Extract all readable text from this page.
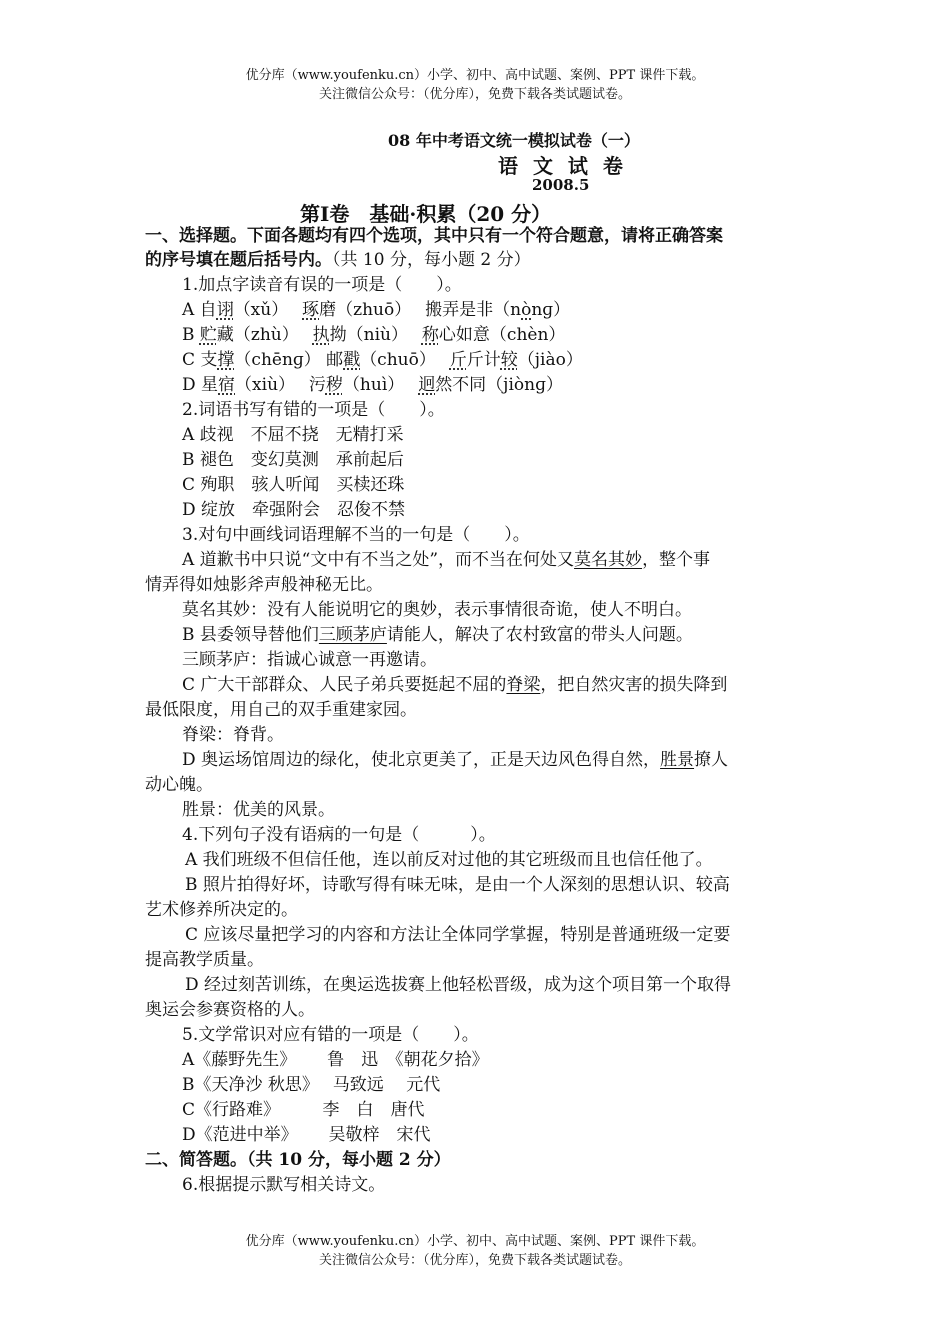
优分库（www.youfenku.cn）小学、初中、高中试题、案例、PPT 课件下载。
关注微信公众号：（优分库），免费下载各类试题试卷。
08 年中考语文统一模拟试卷（一）
语 文 试 卷
2008.5
第Ⅰ卷　基础·积累（20 分）
一、选择题。下面各题均有四个选项，其中只有一个符合题意，请将正确答案
的序号填在题后括号内。（共 10 分，每小题 2 分）
1.加点字读音有误的一项是（　　）。
A 自诩（xǔ）　 琢磨（zhuō）　 搬弄是非（nònɡ）
B 贮藏（zhù）　 执拗（niù）　 称心如意（chèn）
C 支撑（chēnɡ） 邮戳（chuō）　 斤斤计较（jiào）
D 星宿（xiù）　 污秽（huì）　 迥然不同（jiònɡ）
2.词语书写有错的一项是（　　）。
A 歧视　不屈不挠　无精打采
B 褪色　变幻莫测　承前起后
C 殉职　骇人听闻　买椟还珠
D 绽放　牵强附会　忍俊不禁
3.对句中画线词语理解不当的一句是（　　）。
A 道歉书中只说“文中有不当之处”，而不当在何处又莫名其妙，整个事
情弄得如烛影斧声般神秘无比。
莫名其妙：没有人能说明它的奥妙，表示事情很奇诡，使人不明白。
B 县委领导替他们三顾茅庐请能人，解决了农村致富的带头人问题。
三顾茅庐：指诚心诚意一再邀请。
C 广大干部群众、人民子弟兵要挺起不屈的脊梁，把自然灾害的损失降到
最低限度，用自己的双手重建家园。
脊梁：脊背。
D 奥运场馆周边的绿化，使北京更美了，正是天边风色得自然，胜景撩人
动心魄。
胜景：优美的风景。
4.下列句子没有语病的一句是（　　　）。
A 我们班级不但信任他，连以前反对过他的其它班级而且也信任他了。
B 照片拍得好坏，诗歌写得有味无味，是由一个人深刻的思想认识、较高
艺术修养所决定的。
C 应该尽量把学习的内容和方法让全体同学掌握，特别是普通班级一定要
提高教学质量。
D 经过刻苦训练，在奥运选拔赛上他轻松晋级，成为这个项目第一个取得
奥运会参赛资格的人。
5.文学常识对应有错的一项是（　　）。
A《藤野先生》　　 鲁　迅　《朝花夕拾》
B《天净沙 秋思》　 马致远　 元代
C《行路难》　　　李　白　唐代
D《范进中举》　　 吴敬梓　宋代
二、简答题。（共 10 分，每小题 2 分）
6.根据提示默写相关诗文。
优分库（www.youfenku.cn）小学、初中、高中试题、案例、PPT 课件下载。
关注微信公众号：（优分库），免费下载各类试题试卷。
